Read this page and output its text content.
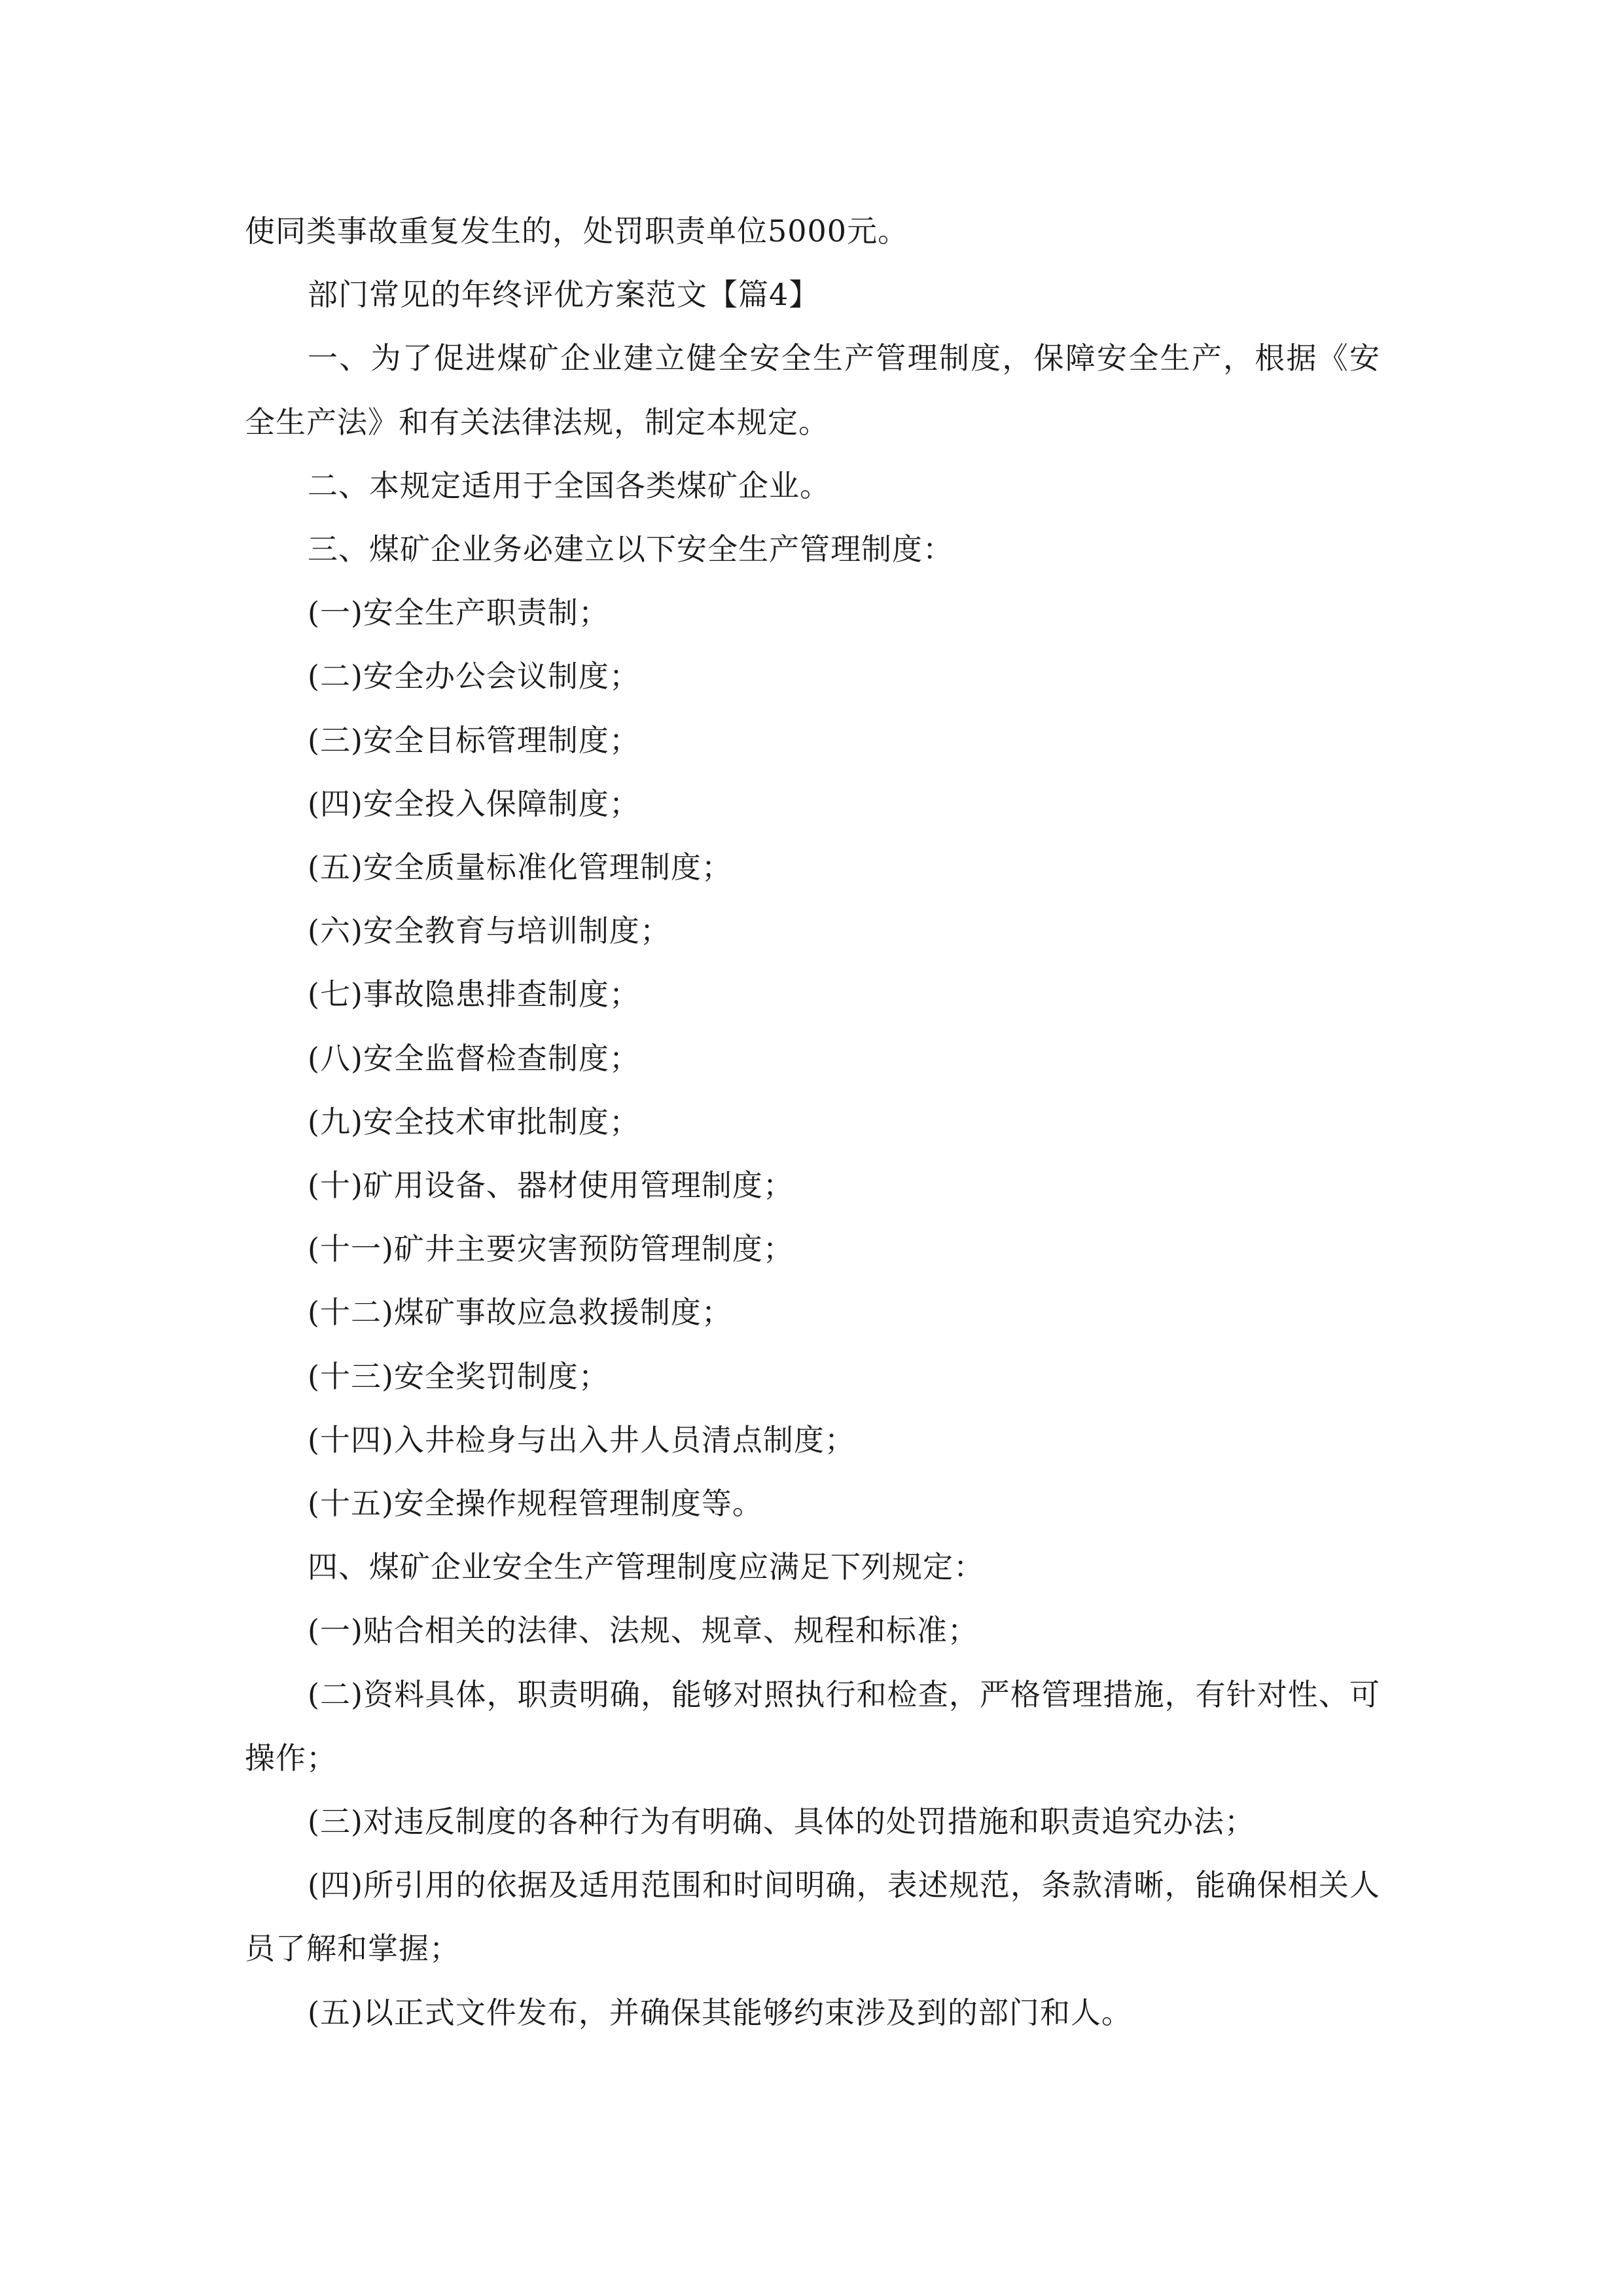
使同类事故重复发生的，处罚职责单位5000元。

部门常见的年终评优方案范文【篇4】

一、为了促进煤矿企业建立健全安全生产管理制度，保障安全生产，根据《安全生产法》和有关法律法规，制定本规定。

二、本规定适用于全国各类煤矿企业。

三、煤矿企业务必建立以下安全生产管理制度：

(一)安全生产职责制；

(二)安全办公会议制度；

(三)安全目标管理制度；

(四)安全投入保障制度；

(五)安全质量标准化管理制度；

(六)安全教育与培训制度；

(七)事故隐患排查制度；

(八)安全监督检查制度；

(九)安全技术审批制度；

(十)矿用设备、器材使用管理制度；

(十一)矿井主要灾害预防管理制度；

(十二)煤矿事故应急救援制度；

(十三)安全奖罚制度；

(十四)入井检身与出入井人员清点制度；

(十五)安全操作规程管理制度等。

四、煤矿企业安全生产管理制度应满足下列规定：

(一)贴合相关的法律、法规、规章、规程和标准；

(二)资料具体，职责明确，能够对照执行和检查，严格管理措施，有针对性、可操作；

(三)对违反制度的各种行为有明确、具体的处罚措施和职责追究办法；

(四)所引用的依据及适用范围和时间明确，表述规范，条款清晰，能确保相关人员了解和掌握；

(五)以正式文件发布，并确保其能够约束涉及到的部门和人。
